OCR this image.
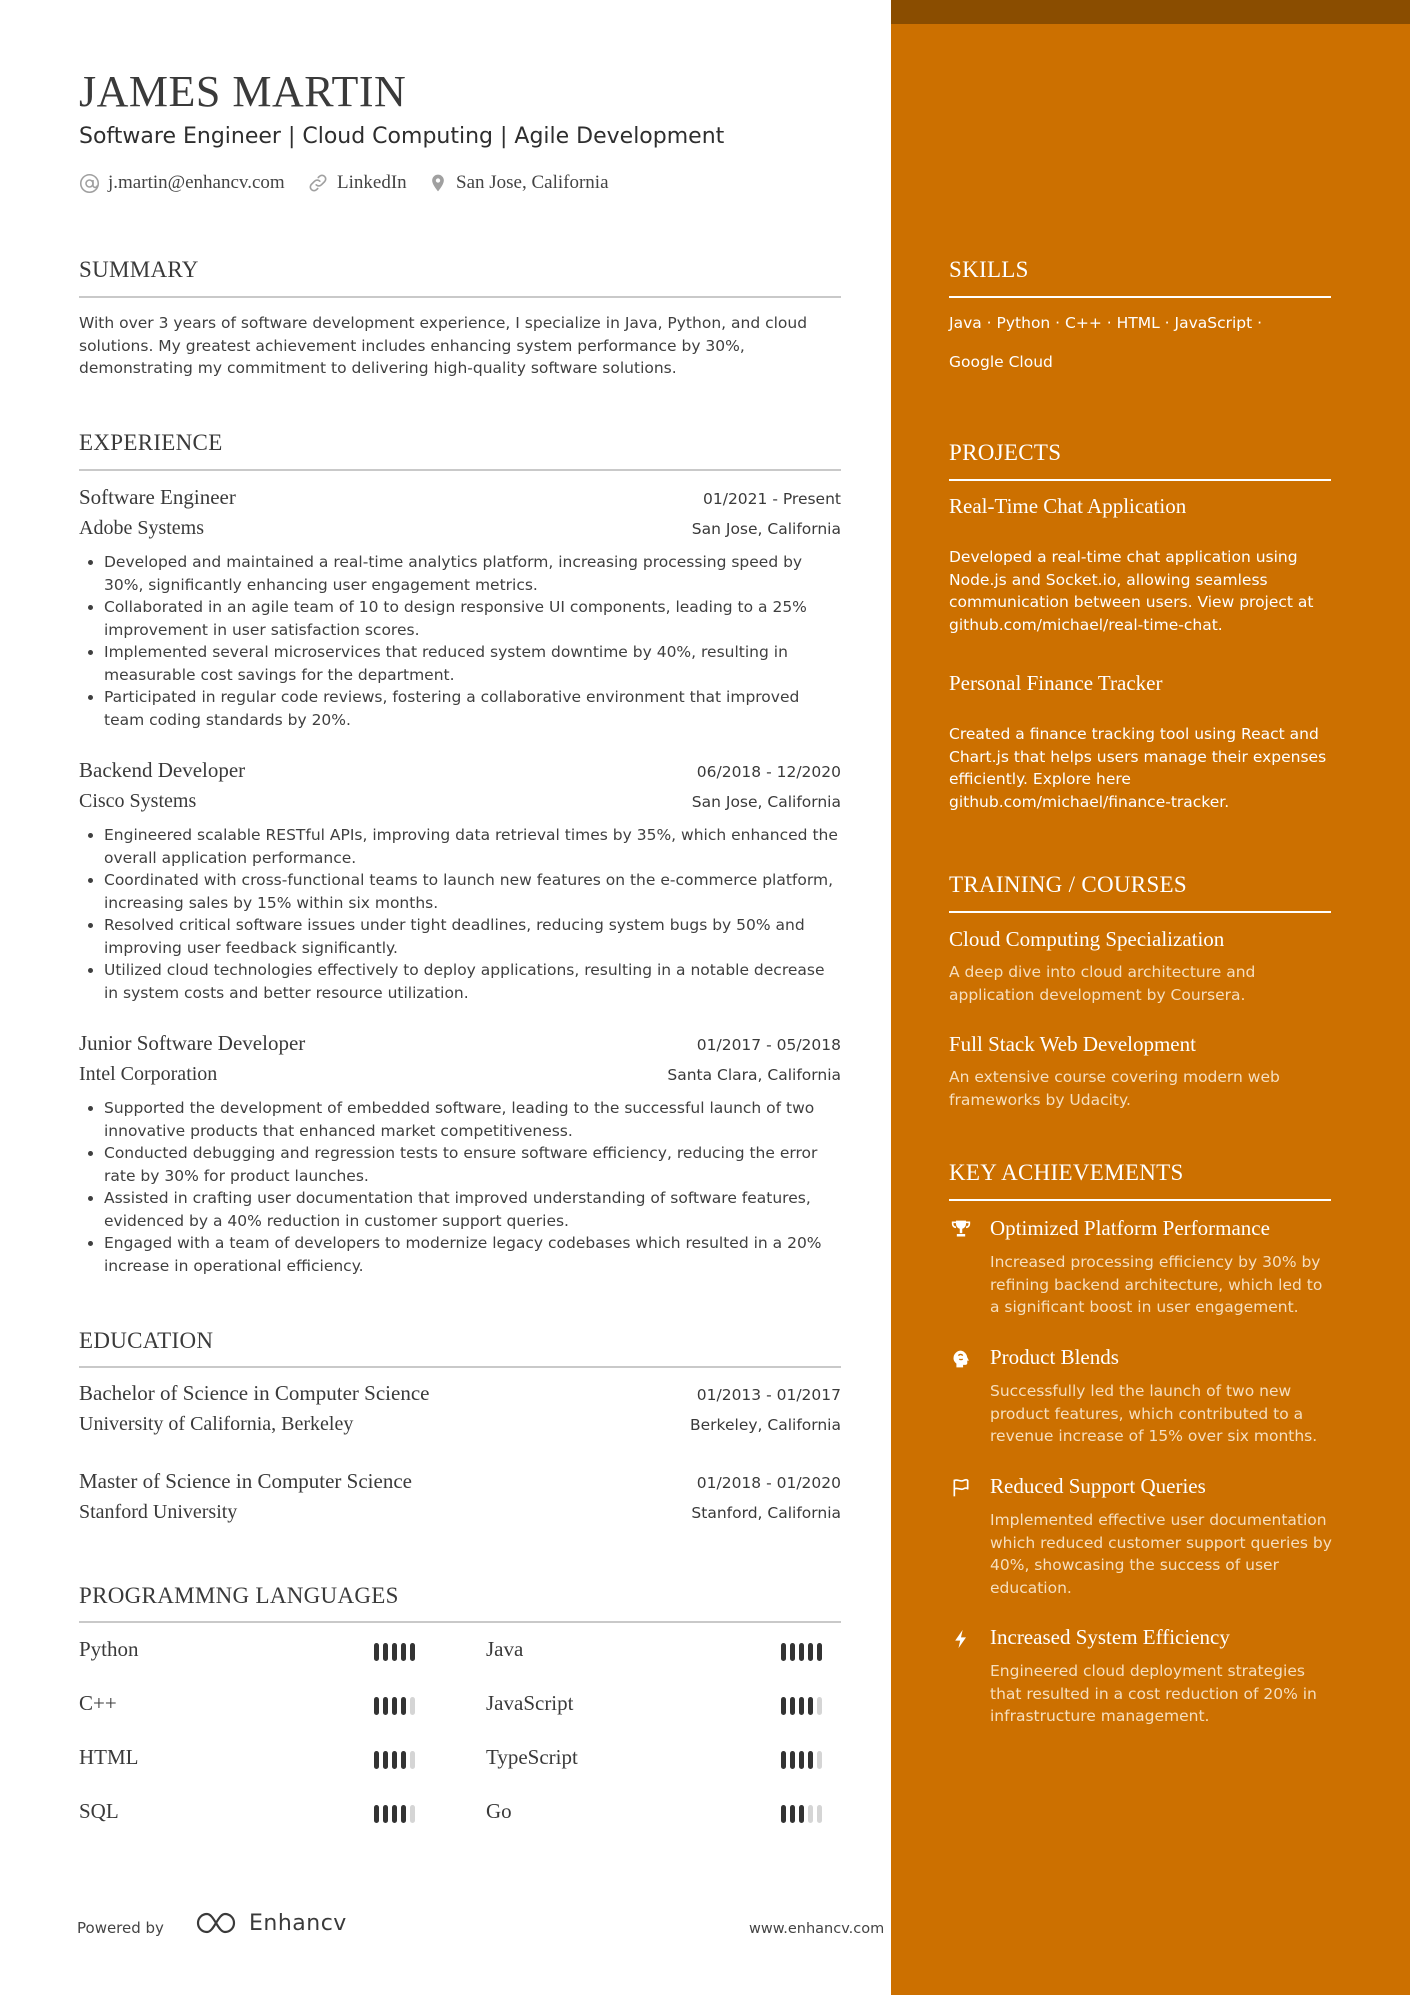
JAMES MARTIN
Software Engineer | Cloud Computing | Agile Development
j.martin@enhancv.com	LinkedIn	San Jose, California
SUMMARY
With over 3 years of software development experience, I specialize in Java, Python, and cloud solutions. My greatest achievement includes enhancing system performance by 30%, demonstrating my commitment to delivering high-quality software solutions.
EXPERIENCE
Software Engineer	01/2021 - Present
Adobe Systems	San Jose, California
• Developed and maintained a real-time analytics platform, increasing processing speed by 30%, significantly enhancing user engagement metrics.
• Collaborated in an agile team of 10 to design responsive UI components, leading to a 25% improvement in user satisfaction scores.
• Implemented several microservices that reduced system downtime by 40%, resulting in measurable cost savings for the department.
• Participated in regular code reviews, fostering a collaborative environment that improved team coding standards by 20%.
Backend Developer	06/2018 - 12/2020
Cisco Systems	San Jose, California
• Engineered scalable RESTful APIs, improving data retrieval times by 35%, which enhanced the overall application performance.
• Coordinated with cross-functional teams to launch new features on the e-commerce platform, increasing sales by 15% within six months.
• Resolved critical software issues under tight deadlines, reducing system bugs by 50% and improving user feedback significantly.
• Utilized cloud technologies effectively to deploy applications, resulting in a notable decrease in system costs and better resource utilization.
Junior Software Developer	01/2017 - 05/2018
Intel Corporation	Santa Clara, California
• Supported the development of embedded software, leading to the successful launch of two innovative products that enhanced market competitiveness.
• Conducted debugging and regression tests to ensure software efficiency, reducing the error rate by 30% for product launches.
• Assisted in crafting user documentation that improved understanding of software features, evidenced by a 40% reduction in customer support queries.
• Engaged with a team of developers to modernize legacy codebases which resulted in a 20% increase in operational efficiency.
EDUCATION
Bachelor of Science in Computer Science	01/2013 - 01/2017
University of California, Berkeley	Berkeley, California
Master of Science in Computer Science	01/2018 - 01/2020
Stanford University	Stanford, California
PROGRAMMNG LANGUAGES
Python	Java
C++	JavaScript
HTML	TypeScript
SQL	Go
Powered by	Enhancv	www.enhancv.com
SKILLS
Java · Python · C++ · HTML · JavaScript ·
Google Cloud
PROJECTS
Real-Time Chat Application
Developed a real-time chat application using Node.js and Socket.io, allowing seamless communication between users. View project at github.com/michael/real-time-chat.
Personal Finance Tracker
Created a finance tracking tool using React and Chart.js that helps users manage their expenses efficiently. Explore here github.com/michael/finance-tracker.
TRAINING / COURSES
Cloud Computing Specialization
A deep dive into cloud architecture and application development by Coursera.
Full Stack Web Development
An extensive course covering modern web frameworks by Udacity.
KEY ACHIEVEMENTS
Optimized Platform Performance
Increased processing efficiency by 30% by refining backend architecture, which led to a significant boost in user engagement.
Product Blends
Successfully led the launch of two new product features, which contributed to a revenue increase of 15% over six months.
Reduced Support Queries
Implemented effective user documentation which reduced customer support queries by 40%, showcasing the success of user education.
Increased System Efficiency
Engineered cloud deployment strategies that resulted in a cost reduction of 20% in infrastructure management.
